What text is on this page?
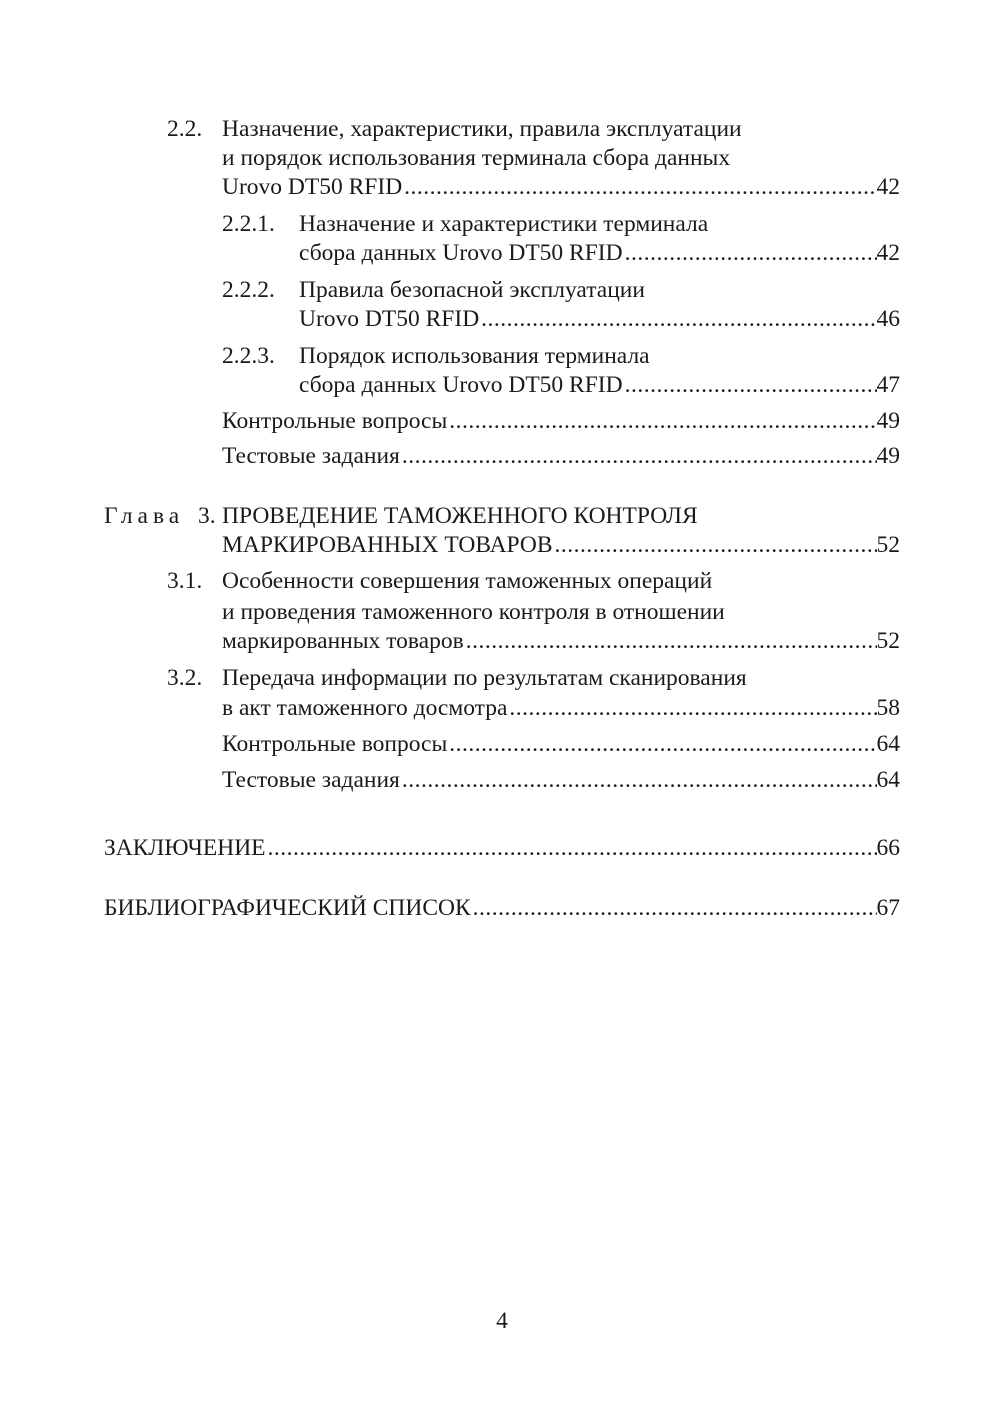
2.2. Назначение, характеристики, правила эксплуатации
и порядок использования терминала сбора данных
Urovo DT50 RFID .....	42
2.2.1. Назначение и характеристики терминала
сбора данных Urovo DT50 RFID .....	42
2.2.2. Правила безопасной эксплуатации
Urovo DT50 RFID .....	46
2.2.3. Порядок использования терминала
сбора данных Urovo DT50 RFID .....	47
Контрольные вопросы .....	49
Тестовые задания .....	49
Глава 3. ПРОВЕДЕНИЕ ТАМОЖЕННОГО КОНТРОЛЯ
МАРКИРОВАННЫХ ТОВАРОВ .....	52
3.1. Особенности совершения таможенных операций
и проведения таможенного контроля в отношении
маркированных товаров .....	52
3.2. Передача информации по результатам сканирования
в акт таможенного досмотра .....	58
Контрольные вопросы .....	64
Тестовые задания .....	64
ЗАКЛЮЧЕНИЕ .....	66
БИБЛИОГРАФИЧЕСКИЙ СПИСОК .....	67
4
